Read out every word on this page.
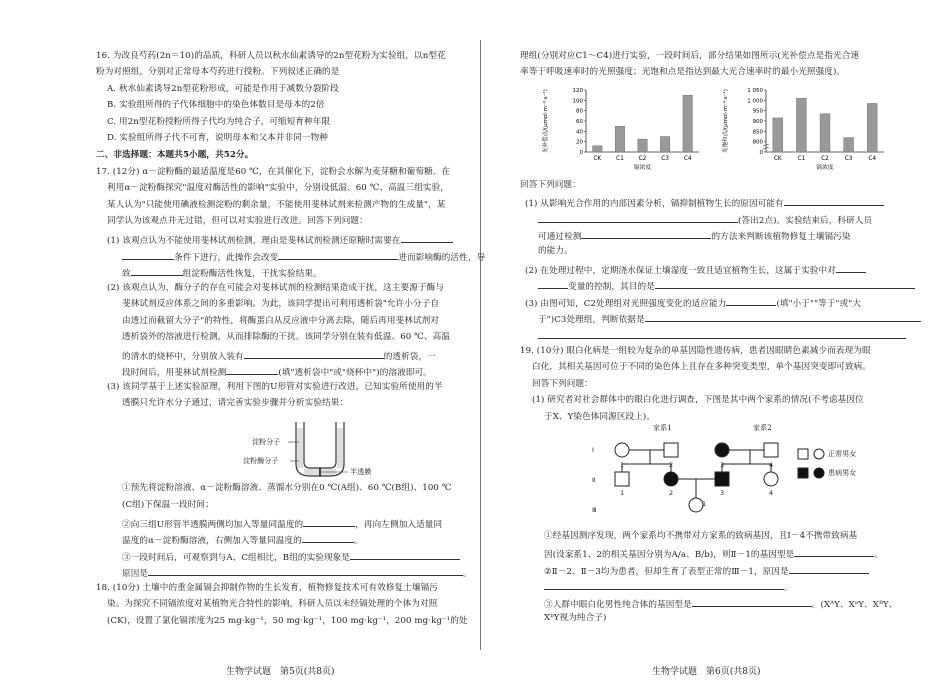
16. 为改良芍药(2n＝10)的品质，科研人员以秋水仙素诱导的2n型花粉为实验组，以n型花
粉为对照组，分别对正常母本芍药进行授粉。下列叙述正确的是
A. 秋水仙素诱导2n型花粉形成，可能是作用于减数分裂阶段
B. 实验组所得的子代体细胞中的染色体数目是母本的2倍
C. 用2n型花粉授粉所得子代均为纯合子，可缩短育种年限
D. 实验组所得子代不可育，说明母本和父本并非同一物种
二、非选择题：本题共5小题，共52分。
17. (12分) α－淀粉酶的最适温度是60 ℃，在其催化下，淀粉会水解为麦芽糖和葡萄糖。在
利用α－淀粉酶探究"温度对酶活性的影响"实验中，分别设低温、60 ℃、高温三组实验，
某人认为"只能使用碘液检测淀粉的剩余量，不能使用斐林试剂来检测产物的生成量"，某
同学认为该观点并无过错，但可以对实验进行改进。回答下列问题：
(1) 该观点认为不能使用斐林试剂检测，理由是斐林试剂检测还原糖时需要在
条件下进行，此操作会改变	进而影响酶的活性，导
致	组淀粉酶活性恢复，干扰实验结果。
(2) 该观点认为，酶分子的存在可能会对斐林试剂的检测结果造成干扰，这主要源于酶与
斐林试剂反应体系之间的多重影响。为此，该同学提出可利用透析袋"允许小分子自
由透过而截留大分子"的特性，将酶蛋白从反应液中分离去除，随后再用斐林试剂对
透析袋外的溶液进行检测，从而排除酶的干扰。该同学分别在装有低温、60 ℃、高温
的清水的烧杯中，分别放入装有	的透析袋，一
段时间后，用斐林试剂检测	(填"透析袋中"或"烧杯中")的溶液即可。
(3) 该同学基于上述实验原理，利用下图的U形管对实验进行改进，已知实验所使用的半
透膜只允许水分子通过，请完善实验步骤并分析实验结果：
淀粉分子
淀粉酶分子
半透膜
①预先将淀粉溶液、α－淀粉酶溶液、蒸馏水分别在0 ℃(A组)、60 ℃(B组)、100 ℃
(C组)下保温一段时间；
②向三组U形管半透膜两侧均加入等量同温度的	，再向左侧加入适量同
温度的α－淀粉酶溶液，右侧加入等量同温度的	。
③一段时间后，可观察到与A、C组相比，B组的实验现象是
原因是	。
18. (10分) 土壤中的重金属镉会抑制作物的生长发育，植物修复技术可有效修复土壤镉污
染。为探究不同镉浓度对某植物光合特性的影响，科研人员以未经镉处理的个体为对照
(CK)，设置了氯化镉浓度为25 mg·kg⁻¹，50 mg·kg⁻¹，100 mg·kg⁻¹，200 mg·kg⁻¹的处
生物学试题　第5页(共8页)
理组(分别对应C1～C4)进行实验，一段时间后，部分结果如图所示(光补偿点是指光合速
率等于呼吸速率时的光照强度；光饱和点是指达到最大光合速率时的最小光照强度)。
光补偿点/(μmol·m⁻²·s⁻¹)
0
20
40
60
80
100
120
CK	C1	C2	C3	C4
镉浓度
光饱和点/(μmol·m⁻²·s⁻¹)
0
800
850
900
950
1 000
1 050
CK	C1	C2	C3	C4
镉浓度
回答下列问题：
(1) 从影响光合作用的内部因素分析，镉抑制植物生长的原因可能有
(答出2点)。实验结束后，科研人员
可通过检测	的方法来判断该植物修复土壤镉污染
的能力。
(2) 在处理过程中，定期浇水保证土壤湿度一致且适宜植物生长，这属于实验中对
变量的控制，其目的是
(3) 由图可知，C2处理组对光照强度变化的适应能力	(填"小于""等于"或"大
于")C3处理组，判断依据是
19. (10分) 眼白化病是一组较为复杂的单基因隐性遗传病，患者因眼睛色素减少而表现为眼
白化，其相关基因可位于不同的染色体上且存在多种突变类型，单个基因突变即可致病。
回答下列问题：
(1) 研究者对社会群体中的眼白化进行调查，下图是其中两个家系的情况(不考虑基因位
于X、Y染色体同源区段上)。
Ⅰ
Ⅱ
Ⅲ
1	2	3	4
1	2	3	4
1
家系1	家系2
正常男女
患病男女
①经基因测序发现，两个家系均不携带对方家系的致病基因，且Ⅰ－4不携带致病基
因(设家系1、2的相关基因分别为A/a、B/b)，则Ⅱ－1的基因型是	。
②Ⅱ－2、Ⅱ－3均为患者，但却生育了表型正常的Ⅲ－1，原因是
。
③人群中眼白化男性纯合体的基因型是	。(XᴬY、XᵃY、XᴮY、
XᵇY视为纯合子)
生物学试题　第6页(共8页)
